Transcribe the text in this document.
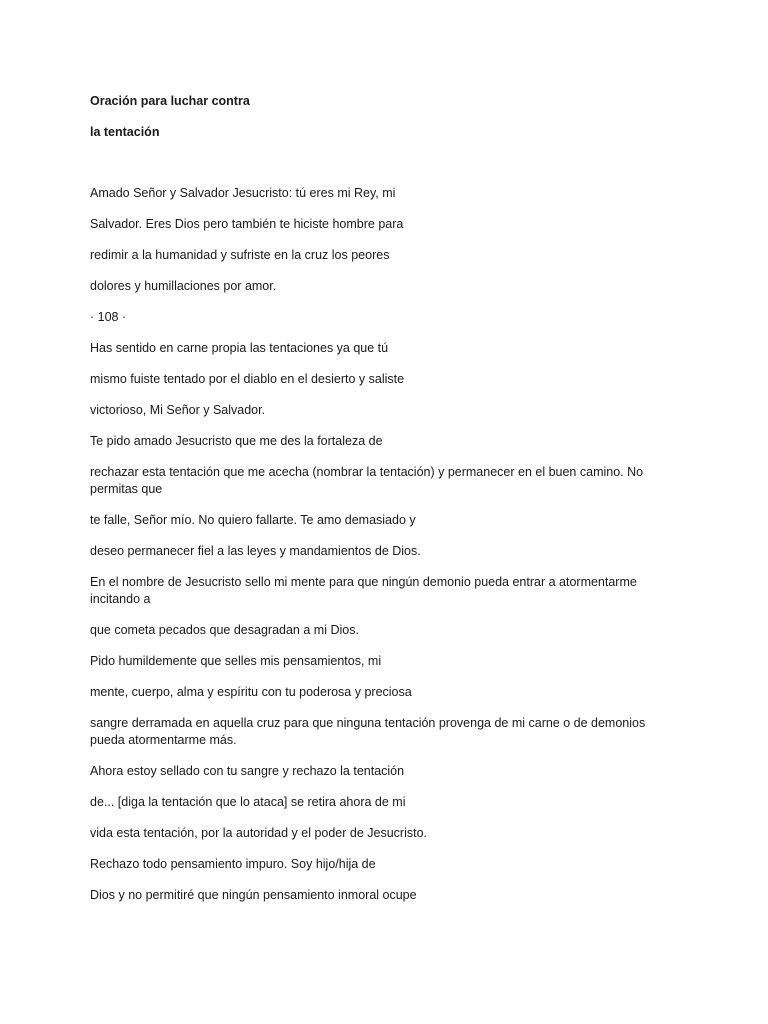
Oración para luchar contra
la tentación
Amado Señor y Salvador Jesucristo: tú eres mi Rey, mi
Salvador. Eres Dios pero también te hiciste hombre para
redimir a la humanidad y sufriste en la cruz los peores
dolores y humillaciones por amor.
· 108 ·
Has sentido en carne propia las tentaciones ya que tú
mismo fuiste tentado por el diablo en el desierto y saliste
victorioso, Mi Señor y Salvador.
Te pido amado Jesucristo que me des la fortaleza de
rechazar esta tentación que me acecha (nombrar la tentación) y permanecer en el buen camino. No permitas que
te falle, Señor mío. No quiero fallarte. Te amo demasiado y
deseo permanecer fiel a las leyes y mandamientos de Dios.
En el nombre de Jesucristo sello mi mente para que ningún demonio pueda entrar a atormentarme incitando a
que cometa pecados que desagradan a mi Dios.
Pido humildemente que selles mis pensamientos, mi
mente, cuerpo, alma y espíritu con tu poderosa y preciosa
sangre derramada en aquella cruz para que ninguna tentación provenga de mi carne o de demonios pueda atormentarme más.
Ahora estoy sellado con tu sangre y rechazo la tentación
de... [diga la tentación que lo ataca] se retira ahora de mi
vida esta tentación, por la autoridad y el poder de Jesucristo.
Rechazo todo pensamiento impuro. Soy hijo/hija de
Dios y no permitiré que ningún pensamiento inmoral ocupe
